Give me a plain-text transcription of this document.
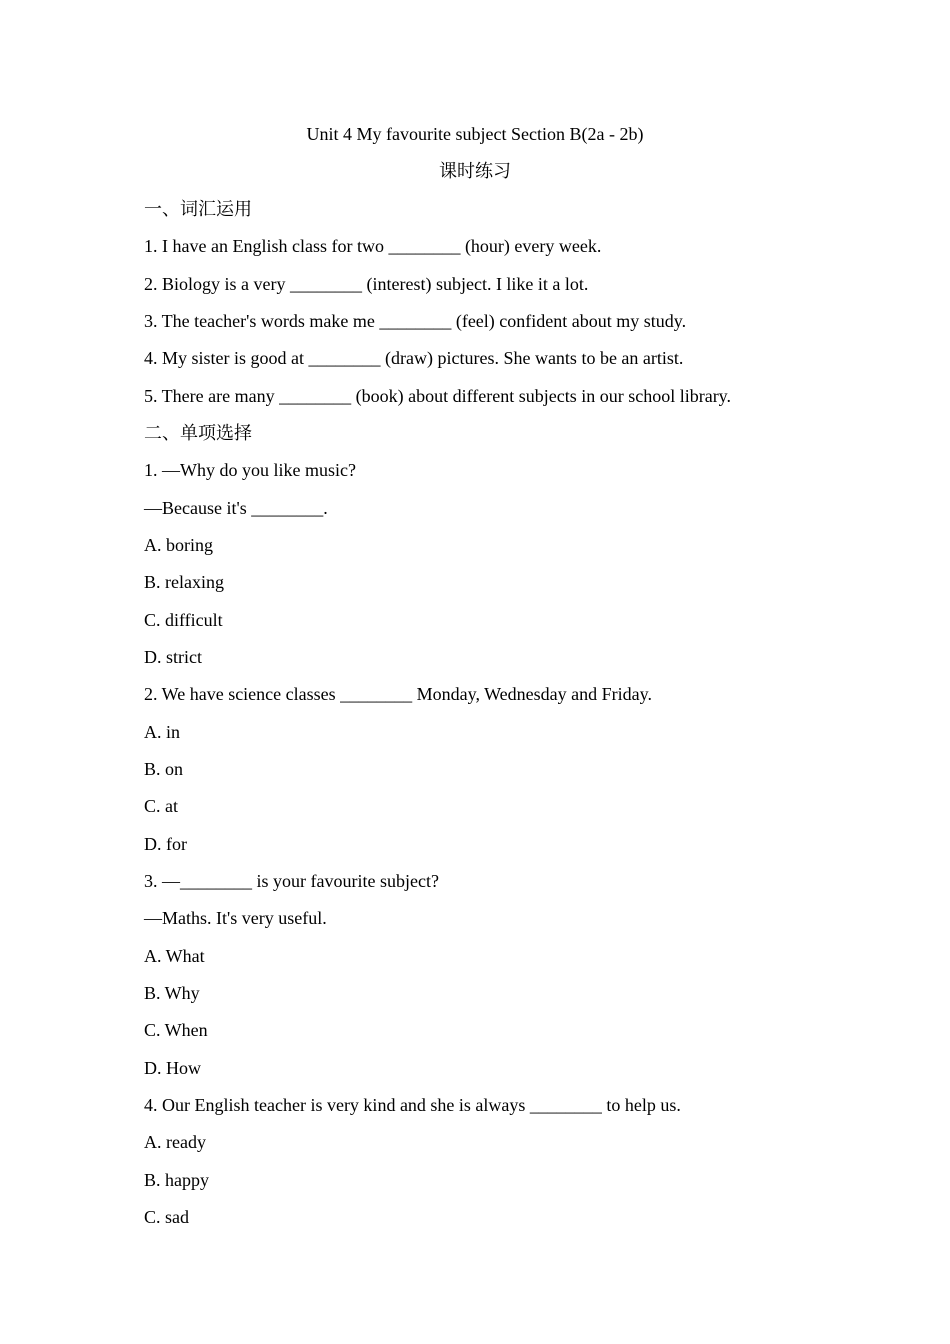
Unit 4 My favourite subject Section B(2a - 2b)
课时练习
一、词汇运用
1. I have an English class for two ________ (hour) every week.
2. Biology is a very ________ (interest) subject. I like it a lot.
3. The teacher's words make me ________ (feel) confident about my study.
4. My sister is good at ________ (draw) pictures. She wants to be an artist.
5. There are many ________ (book) about different subjects in our school library.
二、单项选择
1. —Why do you like music?
—Because it's ________.
A. boring
B. relaxing
C. difficult
D. strict
2. We have science classes ________ Monday, Wednesday and Friday.
A. in
B. on
C. at
D. for
3. —________ is your favourite subject?
—Maths. It's very useful.
A. What
B. Why
C. When
D. How
4. Our English teacher is very kind and she is always ________ to help us.
A. ready
B. happy
C. sad
